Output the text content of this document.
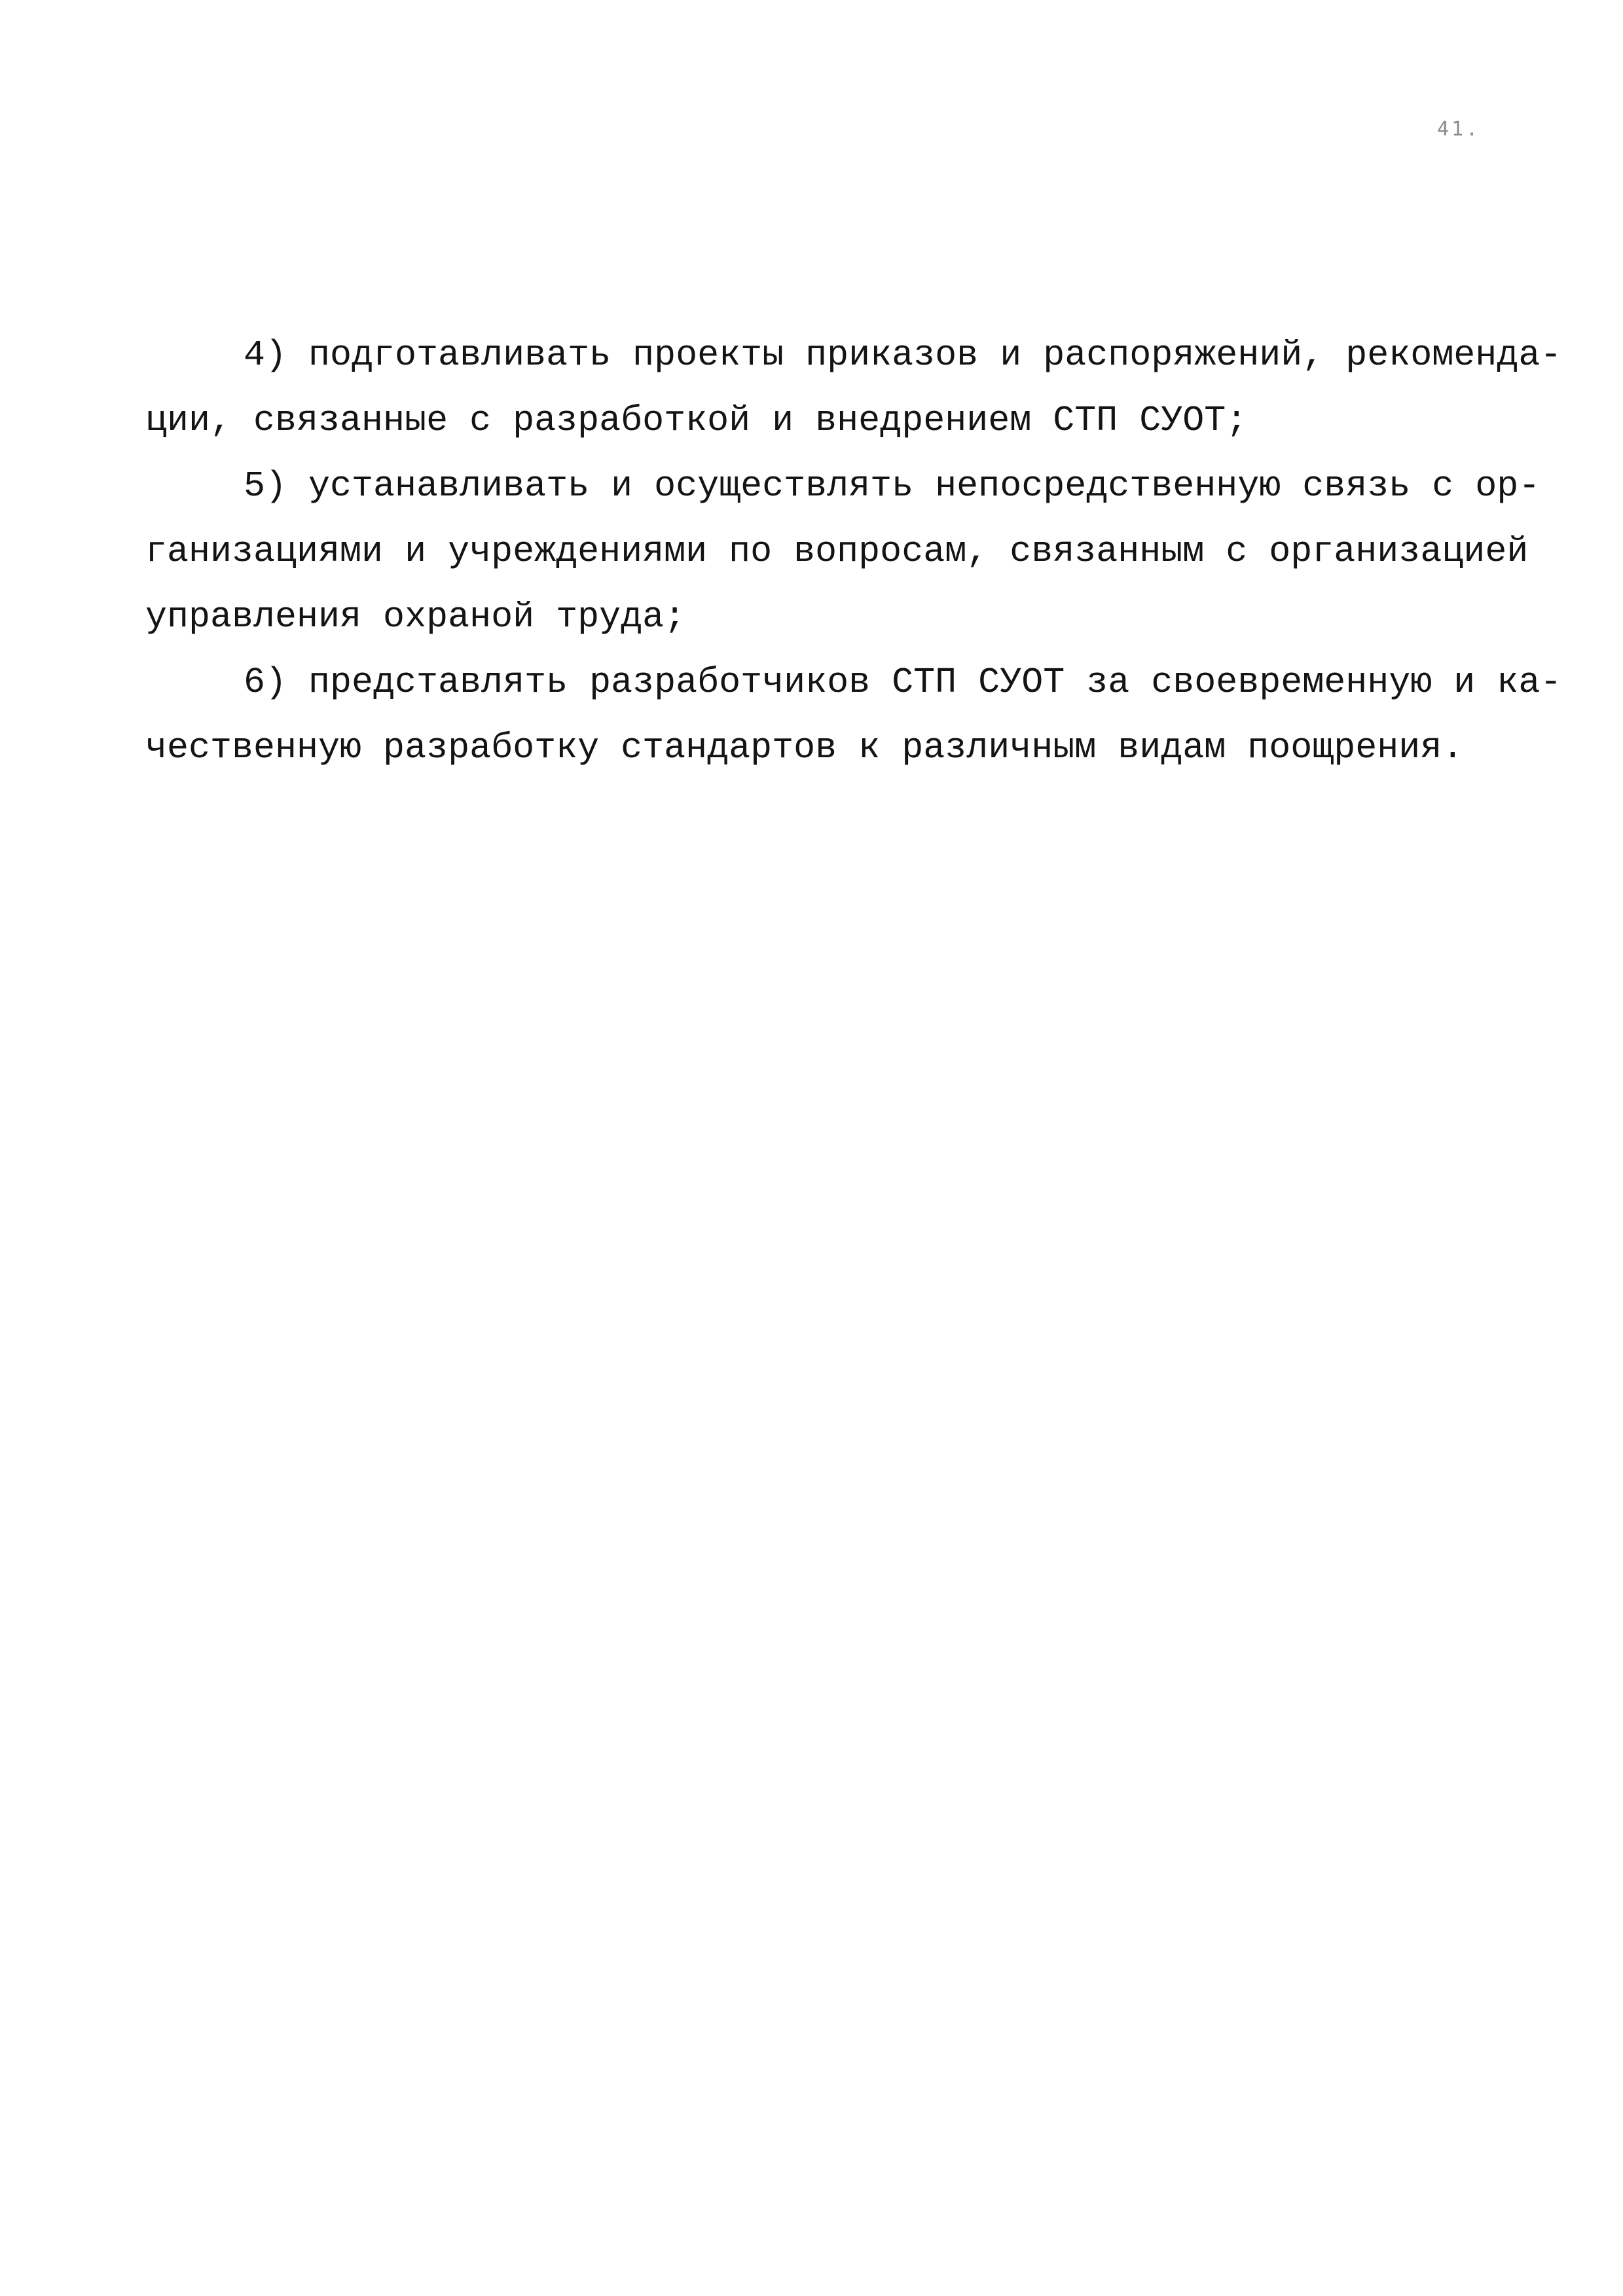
41.
4) подготавливать проекты приказов и распоряжений, рекоменда-
ции, связанные с разработкой и внедрением СТП СУОТ;
5) устанавливать и осуществлять непосредственную связь с ор-
ганизациями и учреждениями по вопросам, связанным с организацией
управления охраной труда;
6) представлять разработчиков СТП СУОТ за своевременную и ка-
чественную разработку стандартов к различным видам поощрения.
